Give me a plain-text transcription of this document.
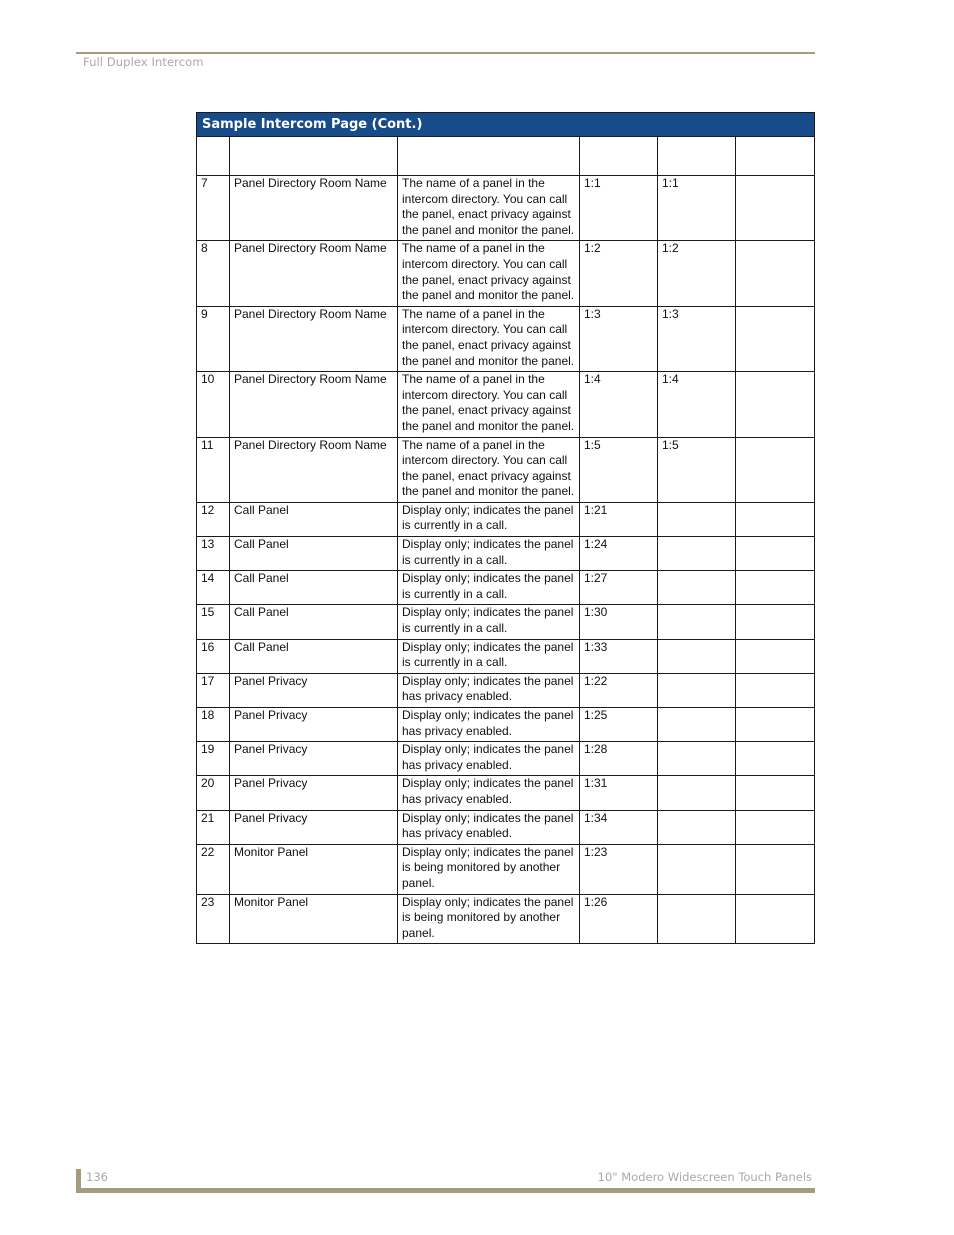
Full Duplex Intercom
Sample Intercom Page (Cont.)					

7	Panel Directory Room Name	The name of a panel in the intercom directory. You can call the panel, enact privacy against the panel and monitor the panel.	1:1	1:1	
8	Panel Directory Room Name	The name of a panel in the intercom directory. You can call the panel, enact privacy against the panel and monitor the panel.	1:2	1:2	
9	Panel Directory Room Name	The name of a panel in the intercom directory. You can call the panel, enact privacy against the panel and monitor the panel.	1:3	1:3	
10	Panel Directory Room Name	The name of a panel in the intercom directory. You can call the panel, enact privacy against the panel and monitor the panel.	1:4	1:4	
11	Panel Directory Room Name	The name of a panel in the intercom directory. You can call the panel, enact privacy against the panel and monitor the panel.	1:5	1:5	
12	Call Panel	Display only; indicates the panel is currently in a call.	1:21		
13	Call Panel	Display only; indicates the panel is currently in a call.	1:24		
14	Call Panel	Display only; indicates the panel is currently in a call.	1:27		
15	Call Panel	Display only; indicates the panel is currently in a call.	1:30		
16	Call Panel	Display only; indicates the panel is currently in a call.	1:33		
17	Panel Privacy	Display only; indicates the panel has privacy enabled.	1:22		
18	Panel Privacy	Display only; indicates the panel has privacy enabled.	1:25		
19	Panel Privacy	Display only; indicates the panel has privacy enabled.	1:28		
20	Panel Privacy	Display only; indicates the panel has privacy enabled.	1:31		
21	Panel Privacy	Display only; indicates the panel has privacy enabled.	1:34		
22	Monitor Panel	Display only; indicates the panel is being monitored by another panel.	1:23		
23	Monitor Panel	Display only; indicates the panel is being monitored by another panel.	1:26		
136	10" Modero Widescreen Touch Panels
